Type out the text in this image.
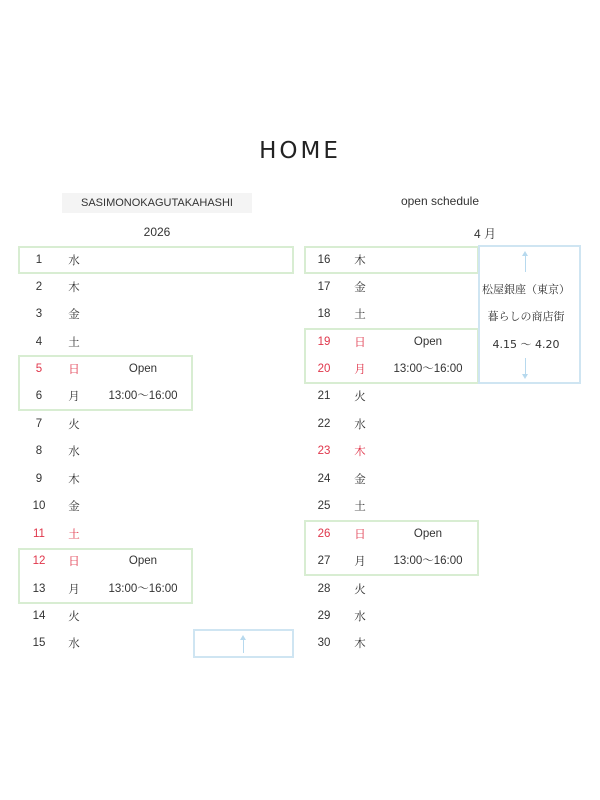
HOME
SASIMONOKAGUTAKAHASHI	open schedule
2026	4 月
松屋銀座（東京）
暮らしの商店街
4.15 ～ 4.20
1	水
2	木
3	金
4	土
5	日	Open
6	月	13:00～16:00
7	火
8	水
9	木
10	金
11	土
12	日	Open
13	月	13:00～16:00
14	火
15	水
16	木
17	金
18	土
19	日	Open
20	月	13:00～16:00
21	火
22	水
23	木
24	金
25	土
26	日	Open
27	月	13:00～16:00
28	火
29	水
30	木
